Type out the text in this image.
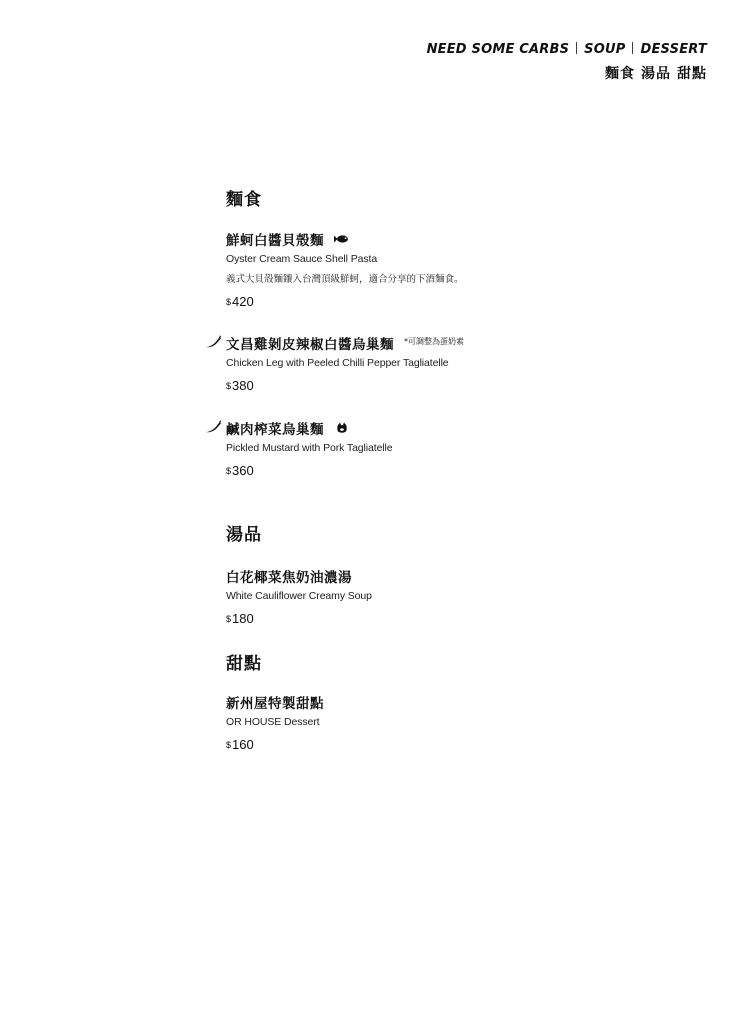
NEED SOME CARBS SOUP DESSERT
麵食 湯品 甜點
麵食
鮮蚵白醬貝殼麵
Oyster Cream Sauce Shell Pasta
義式大貝殼麵鑲入台灣頂級鮮蚵，適合分享的下酒麵食。
$420
文昌雞剝皮辣椒白醬烏巢麵 *可調整為蛋奶素
Chicken Leg with Peeled Chilli Pepper Tagliatelle
$380
鹹肉榨菜烏巢麵
Pickled Mustard with Pork Tagliatelle
$360
湯品
白花椰菜焦奶油濃湯
White Cauliflower Creamy Soup
$180
甜點
新州屋特製甜點
OR HOUSE Dessert
$160
